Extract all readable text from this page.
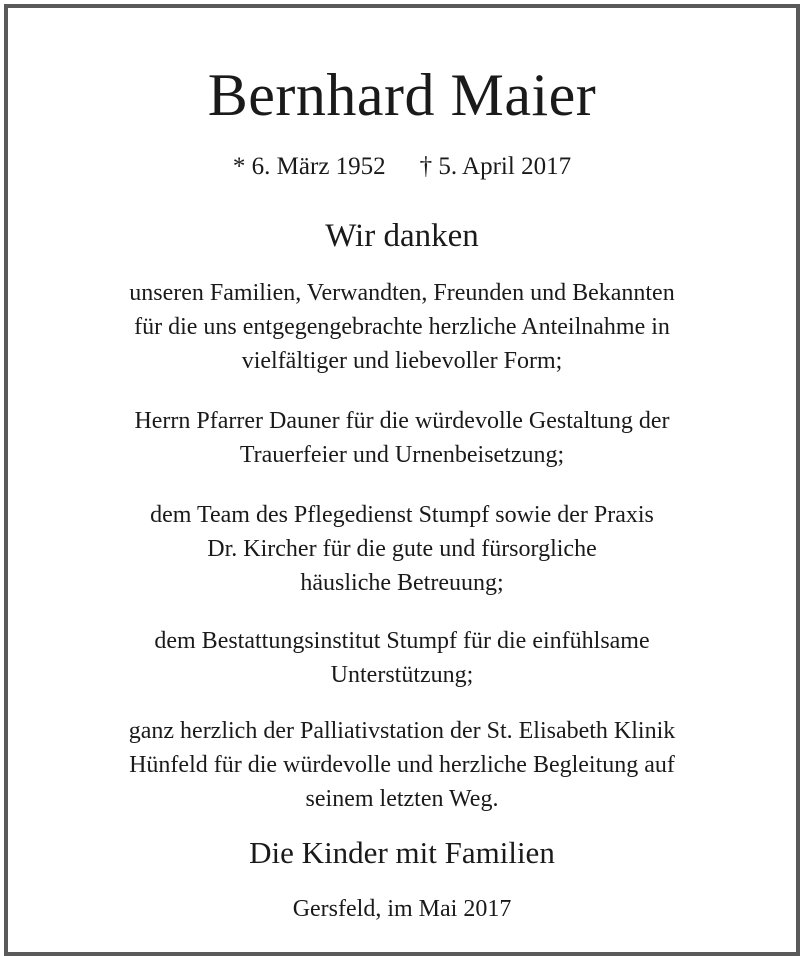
Bernhard Maier
* 6. März 1952 † 5. April 2017
Wir danken
unseren Familien, Verwandten, Freunden und Bekannten
für die uns entgegengebrachte herzliche Anteilnahme in
vielfältiger und liebevoller Form;
Herrn Pfarrer Dauner für die würdevolle Gestaltung der
Trauerfeier und Urnenbeisetzung;
dem Team des Pflegedienst Stumpf sowie der Praxis
Dr. Kircher für die gute und fürsorgliche
häusliche Betreuung;
dem Bestattungsinstitut Stumpf für die einfühlsame
Unterstützung;
ganz herzlich der Palliativstation der St. Elisabeth Klinik
Hünfeld für die würdevolle und herzliche Begleitung auf
seinem letzten Weg.
Die Kinder mit Familien
Gersfeld, im Mai 2017
